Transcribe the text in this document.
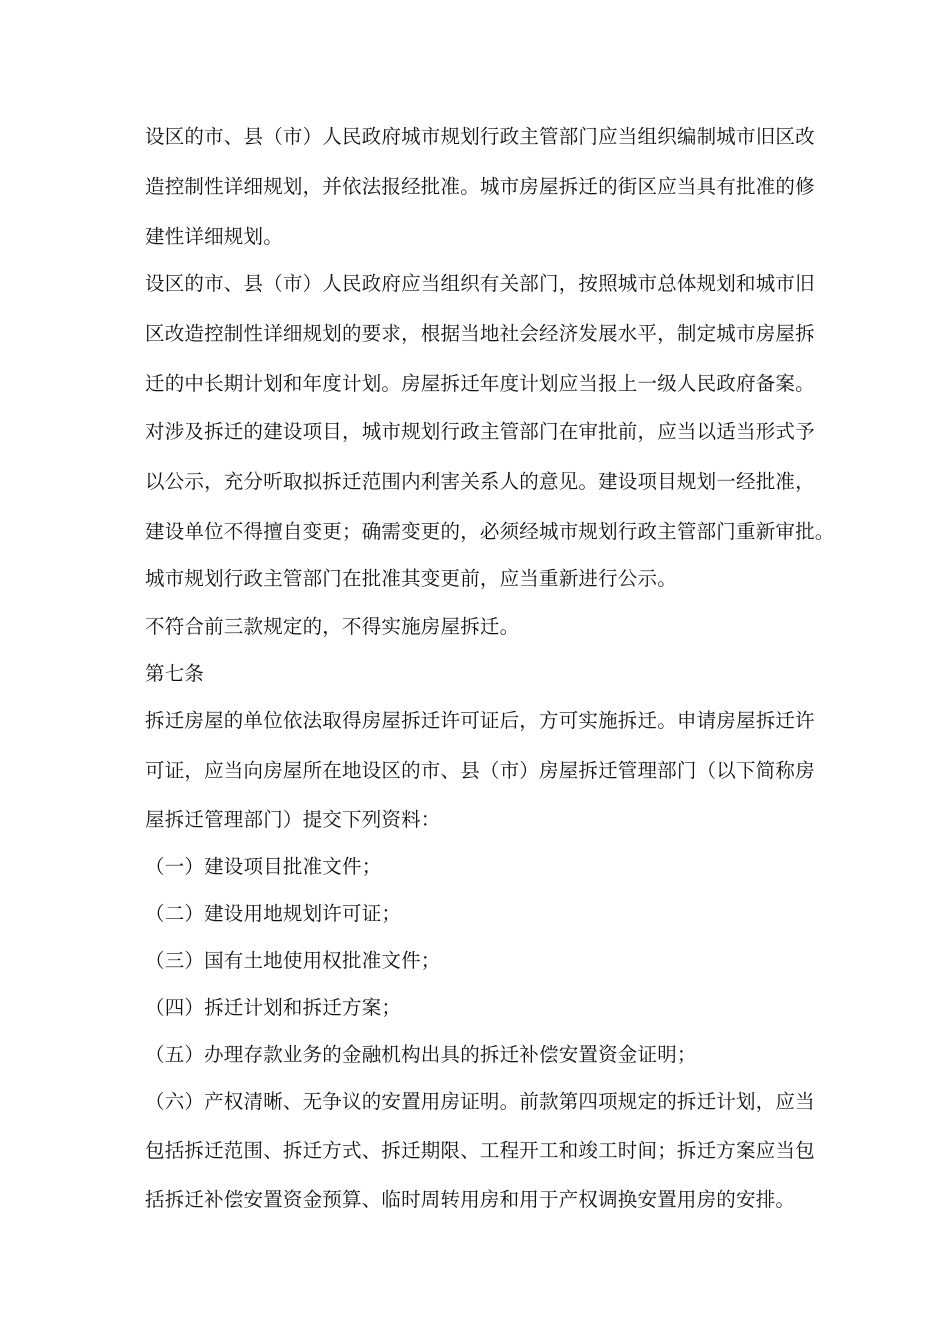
设区的市、县（市）人民政府城市规划行政主管部门应当组织编制城市旧区改
造控制性详细规划，并依法报经批准。城市房屋拆迁的街区应当具有批准的修
建性详细规划。
设区的市、县（市）人民政府应当组织有关部门，按照城市总体规划和城市旧
区改造控制性详细规划的要求，根据当地社会经济发展水平，制定城市房屋拆
迁的中长期计划和年度计划。房屋拆迁年度计划应当报上一级人民政府备案。
对涉及拆迁的建设项目，城市规划行政主管部门在审批前，应当以适当形式予
以公示，充分听取拟拆迁范围内利害关系人的意见。建设项目规划一经批准，
建设单位不得擅自变更；确需变更的，必须经城市规划行政主管部门重新审批。
城市规划行政主管部门在批准其变更前，应当重新进行公示。
不符合前三款规定的，不得实施房屋拆迁。
第七条
拆迁房屋的单位依法取得房屋拆迁许可证后，方可实施拆迁。申请房屋拆迁许
可证，应当向房屋所在地设区的市、县（市）房屋拆迁管理部门（以下简称房
屋拆迁管理部门）提交下列资料：
（一）建设项目批准文件；
（二）建设用地规划许可证；
（三）国有土地使用权批准文件；
（四）拆迁计划和拆迁方案；
（五）办理存款业务的金融机构出具的拆迁补偿安置资金证明；
（六）产权清晰、无争议的安置用房证明。前款第四项规定的拆迁计划，应当
包括拆迁范围、拆迁方式、拆迁期限、工程开工和竣工时间；拆迁方案应当包
括拆迁补偿安置资金预算、临时周转用房和用于产权调换安置用房的安排。
